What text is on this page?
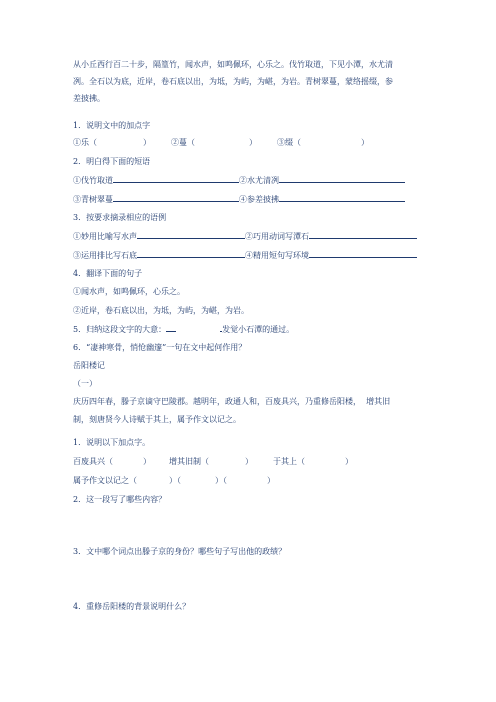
从小丘西行百二十步，隔篁竹，闻水声，如鸣佩环，心乐之。伐竹取道，下见小潭，水尤清
冽。全石以为底，近岸，卷石底以出，为坻，为屿，为嵁，为岩。青树翠蔓，蒙络摇缀，参
差披拂。
1．说明文中的加点字
①乐（	）	②蔓（	）	③缀（	）
2．明白得下面的短语
①伐竹取道	②水尤清冽
③青树翠蔓	④参差披拂
3．按要求摘录相应的语例
①妙用比喻写水声	②巧用动词写潭石
③运用排比写石底	④精用短句写环境
4．翻译下面的句子
①闻水声，如鸣佩环，心乐之。
②近岸，卷石底以出，为坻，为屿，为嵁，为岩。
5．归纳这段文字的大意：	发觉小石潭的通过。
6．“凄神寒骨，悄怆幽邃”一句在文中起何作用？
岳阳楼记
（一）
庆历四年春，滕子京谪守巴陵郡。越明年，政通人和，百废具兴，乃重修岳阳楼，  增其旧
制，刻唐贤今人诗赋于其上，属予作文以记之。
1．说明以下加点字。
百废具兴（	） 增其旧制（	）	于其上（	）
属予作文以记之（	）（	）（	）
2．这一段写了哪些内容？
3．文中哪个词点出滕子京的身份？哪些句子写出他的政绩？
4．重修岳阳楼的背景说明什么？
